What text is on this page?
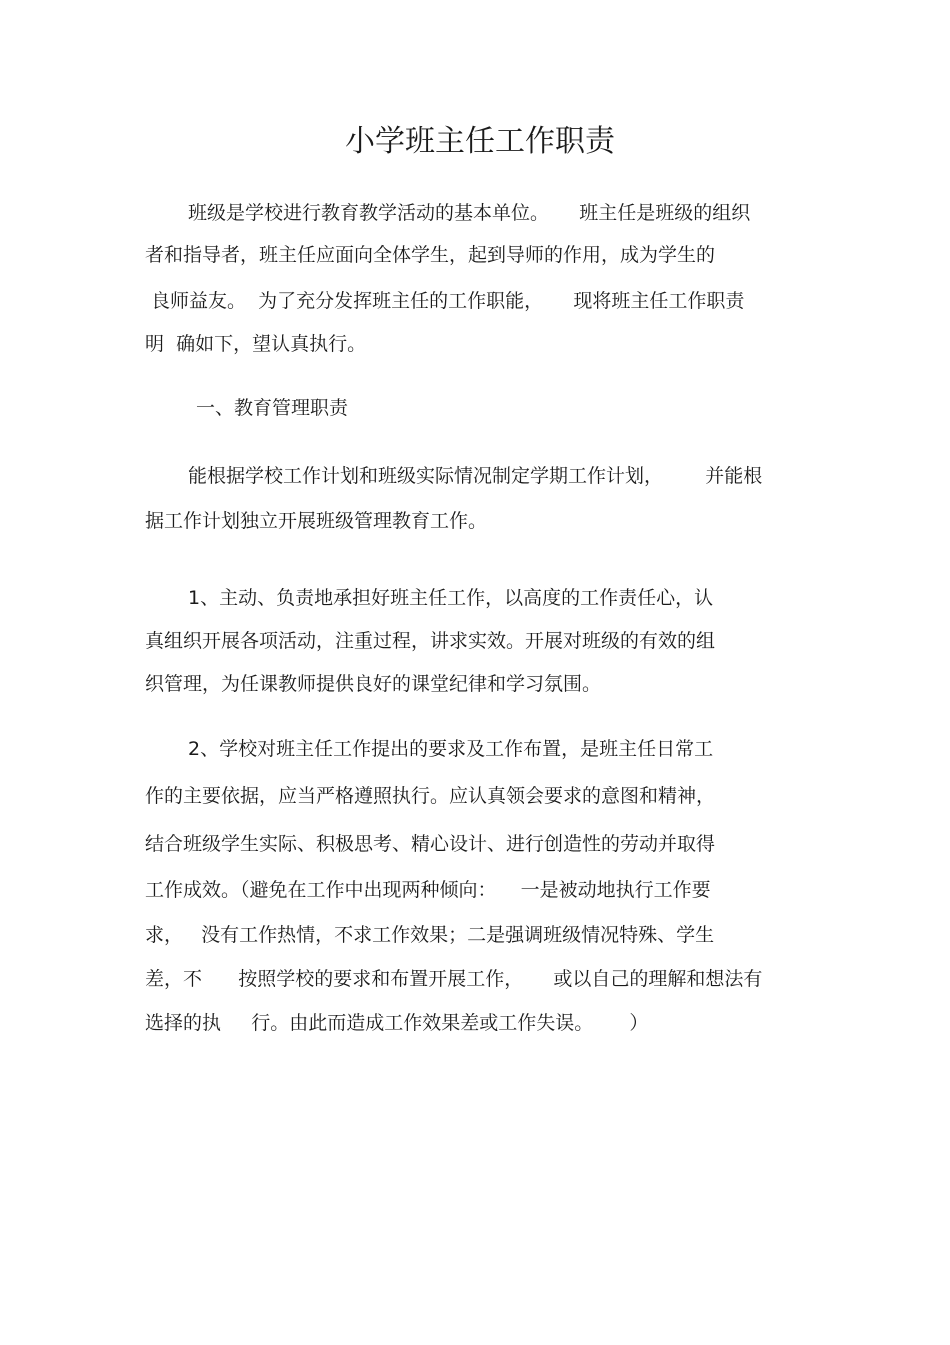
小学班主任工作职责
班级是学校进行教育教学活动的基本单位。     班主任是班级的组织
者和指导者，班主任应面向全体学生，起到导师的作用，成为学生的
良师益友。  为了充分发挥班主任的工作职能，     现将班主任工作职责
明  确如下，望认真执行。
一、教育管理职责
能根据学校工作计划和班级实际情况制定学期工作计划，       并能根
据工作计划独立开展班级管理教育工作。
1、主动、负责地承担好班主任工作，以高度的工作责任心，认
真组织开展各项活动，注重过程，讲求实效。开展对班级的有效的组
织管理，为任课教师提供良好的课堂纪律和学习氛围。
2、学校对班主任工作提出的要求及工作布置，是班主任日常工
作的主要依据，应当严格遵照执行。应认真领会要求的意图和精神，
结合班级学生实际、积极思考、精心设计、进行创造性的劳动并取得
工作成效。（避免在工作中出现两种倾向：    一是被动地执行工作要
求，   没有工作热情，不求工作效果；二是强调班级情况特殊、学生
差，不      按照学校的要求和布置开展工作，     或以自己的理解和想法有
选择的执     行。由此而造成工作效果差或工作失误。      ）
